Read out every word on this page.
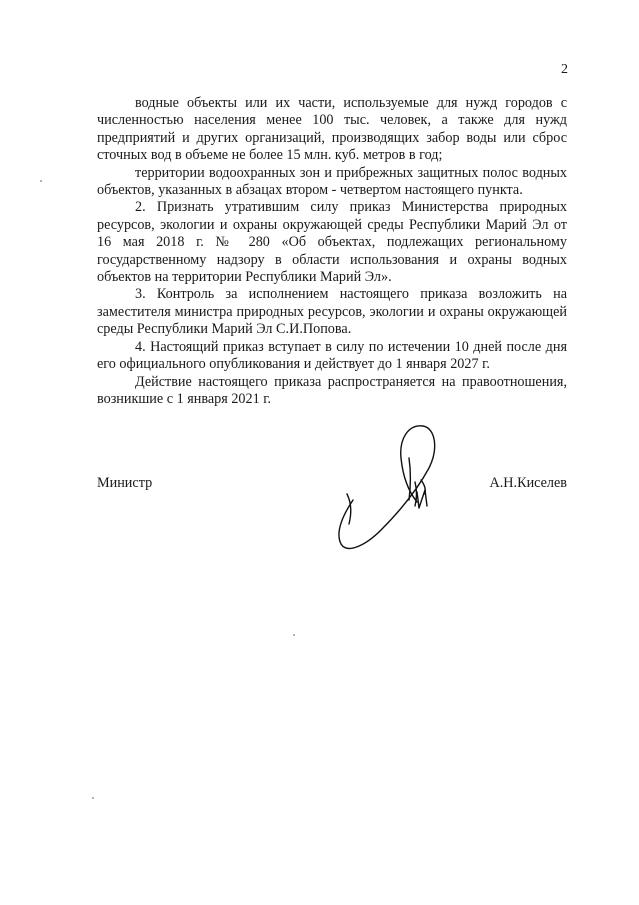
2

водные объекты или их части, используемые для нужд городов с численностью населения менее 100 тыс. человек, а также для нужд предприятий и других организаций, производящих забор воды или сброс сточных вод в объеме не более 15 млн. куб. метров в год;

территории водоохранных зон и прибрежных защитных полос водных объектов, указанных в абзацах втором - четвертом настоящего пункта.

2. Признать утратившим силу приказ Министерства природных ресурсов, экологии и охраны окружающей среды Республики Марий Эл от 16 мая 2018 г. № 280 «Об объектах, подлежащих региональному государственному надзору в области использования и охраны водных объектов на территории Республики Марий Эл».

3. Контроль за исполнением настоящего приказа возложить на заместителя министра природных ресурсов, экологии и охраны окружающей среды Республики Марий Эл С.И.Попова.

4. Настоящий приказ вступает в силу по истечении 10 дней после дня его официального опубликования и действует до 1 января 2027 г.

Действие настоящего приказа распространяется на правоотношения, возникшие с 1 января 2021 г.

Министр	А.Н.Киселев
